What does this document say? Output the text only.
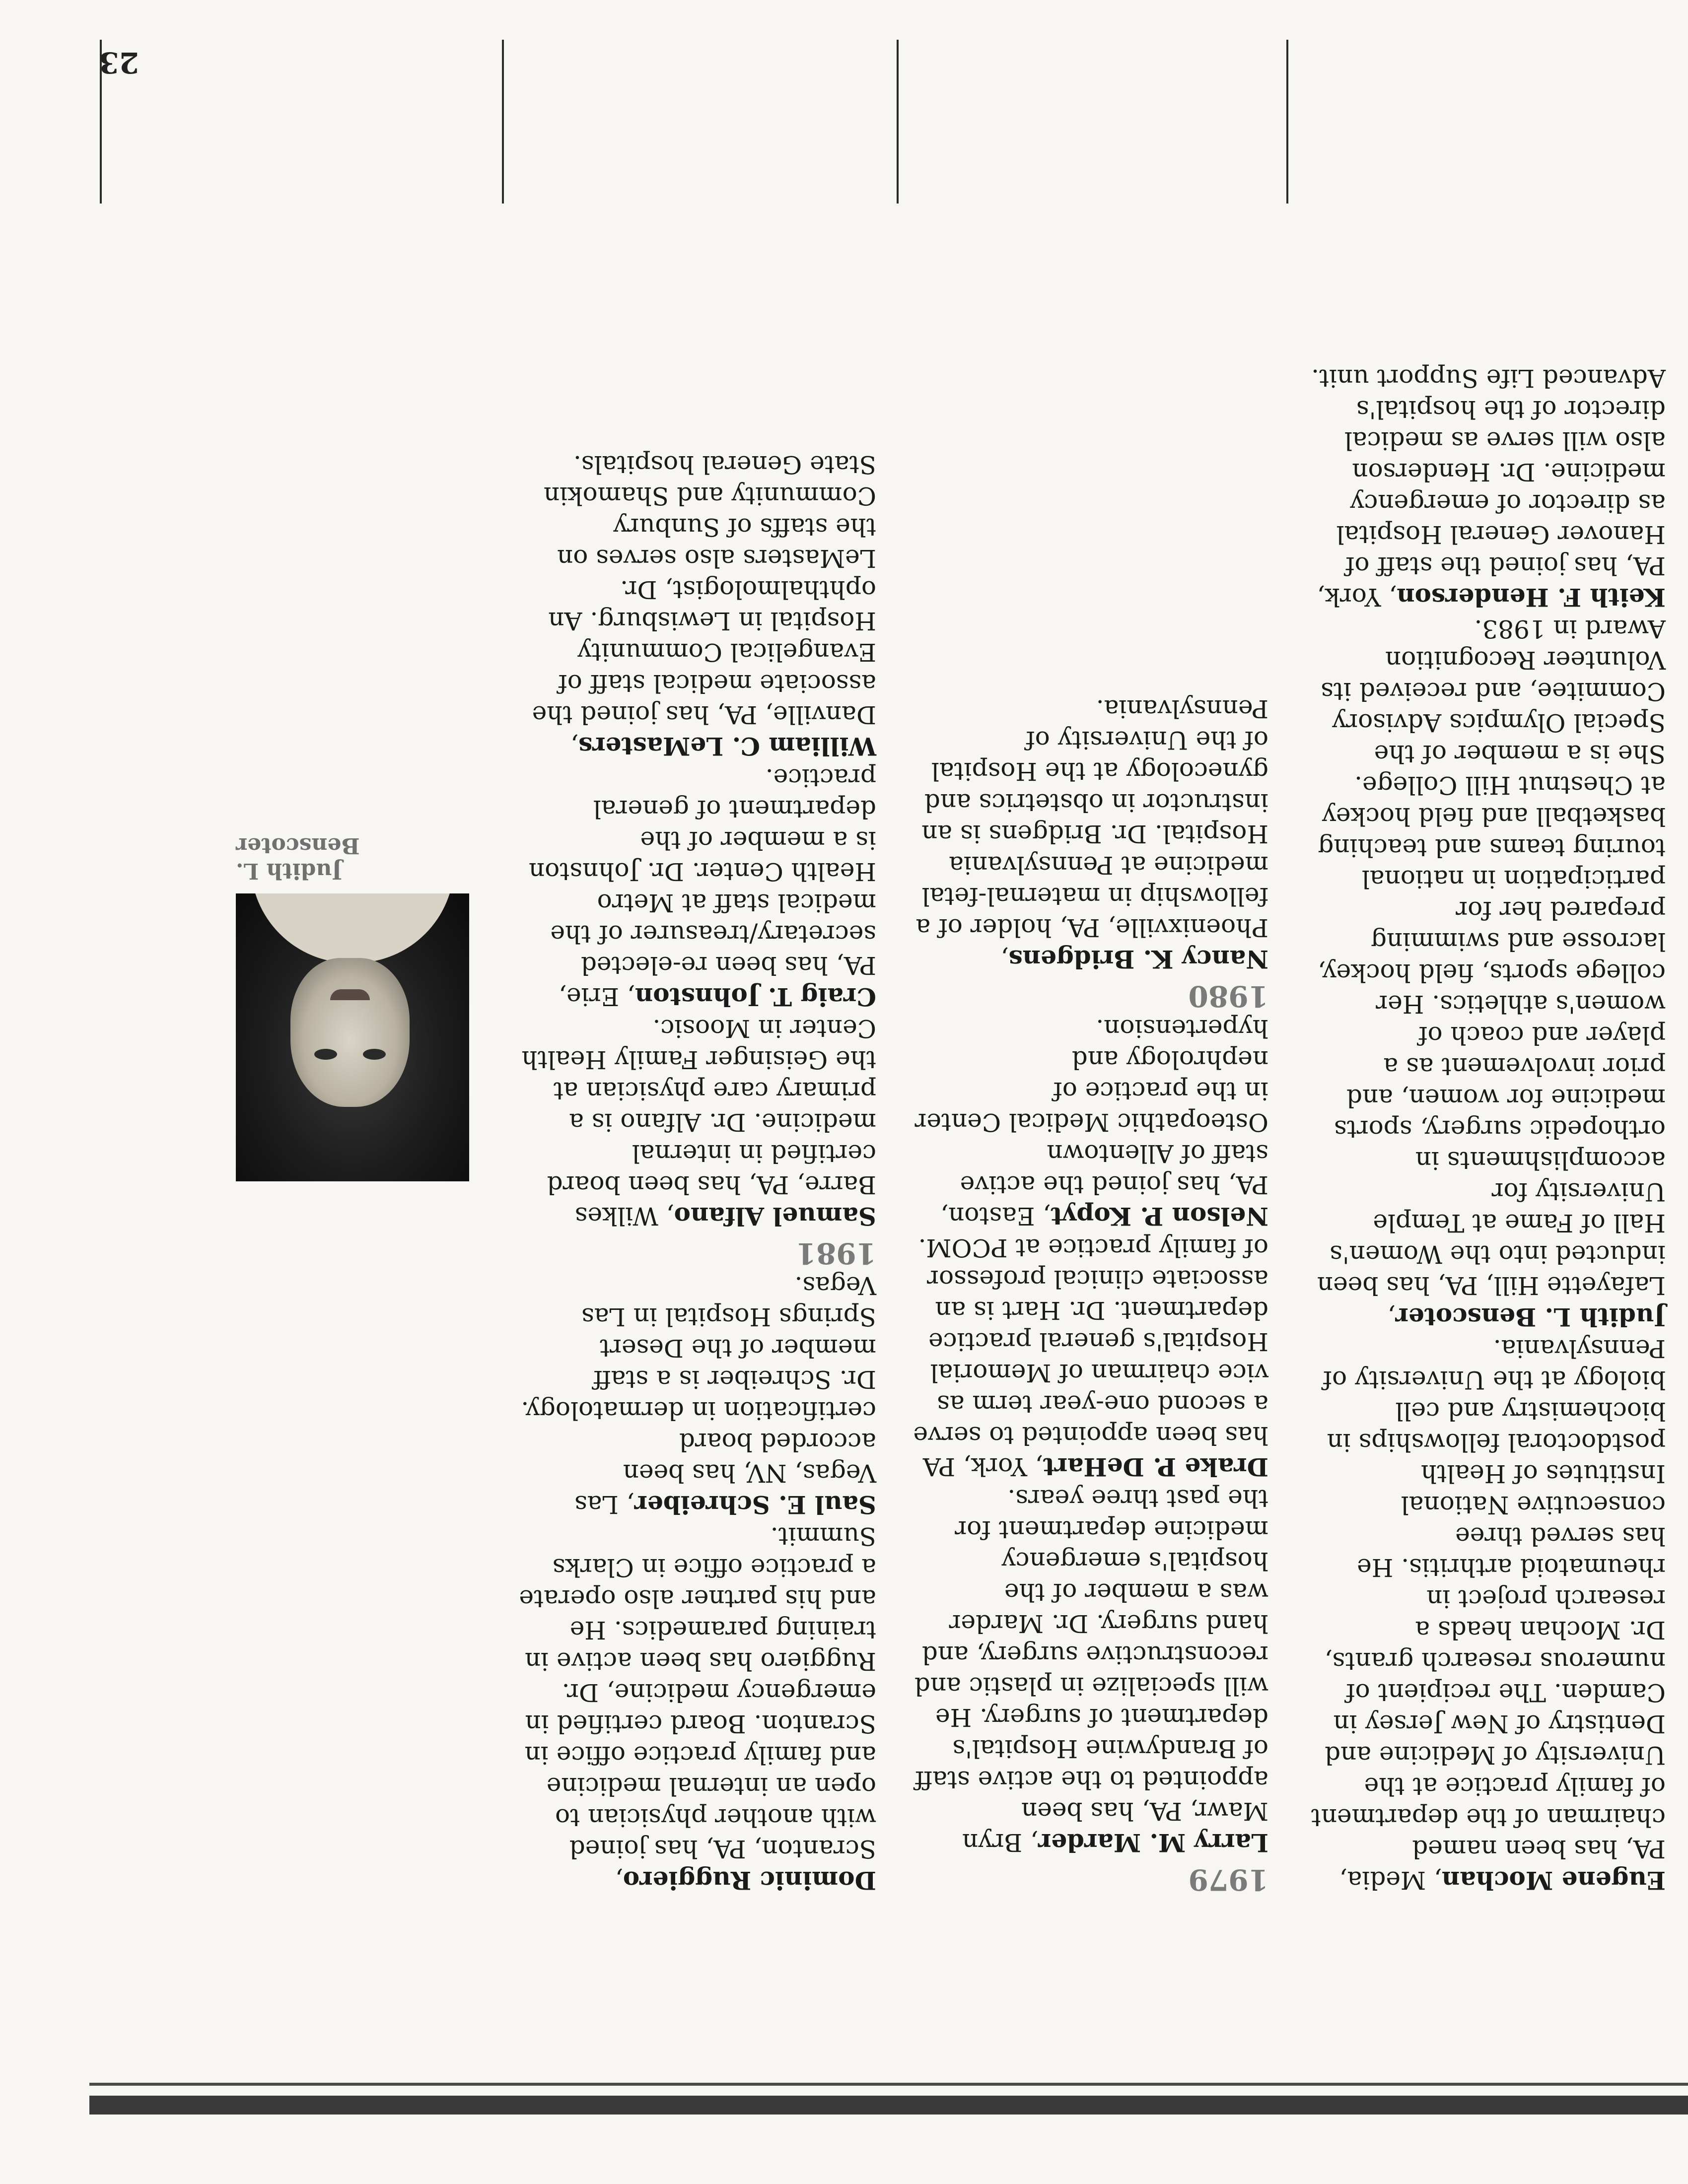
Eugene Mochan, Media, PA, has been named chairman of the department of family practice at the University of Medicine and Dentistry of New Jersey in Camden. The recipient of numerous research grants, Dr. Mochan heads a research project in rheumatoid arthritis. He has served three consecutive National Institutes of Health postdoctoral fellowships in biochemistry and cell biology at the University of Pennsylvania.

Judith L. Benscoter, Lafayette Hill, PA, has been inducted into the Women's Hall of Fame at Temple University for accomplishments in orthopedic surgery, sports medicine for women, and prior involvement as a player and coach of women's athletics. Her college sports, field hockey, lacrosse and swimming prepared her for participation in national touring teams and teaching basketball and field hockey at Chestnut Hill College. She is a member of the Special Olympics Advisory Commitee, and received its Volunteer Recognition Award in 1983.

Keith F. Henderson, York, PA, has joined the staff of Hanover General Hospital as director of emergency medicine. Dr. Henderson also will serve as medical director of the hospital's Advanced Life Support unit.

1979

Larry M. Marder, Bryn Mawr, PA, has been appointed to the active staff of Brandywine Hospital's department of surgery. He will specialize in plastic and reconstructive surgery, and hand surgery. Dr. Marder was a member of the hospital's emergency medicine department for the past three years.

Drake P. DeHart, York, PA has been appointed to serve a second one-year term as vice chairman of Memorial Hospital's general practice department. Dr. Hart is an associate clinical professor of family practice at PCOM.

Nelson P. Kopyt, Easton, PA, has joined the active staff of Allentown Osteopathic Medical Center in the practice of nephrology and hypertension.

1980

Nancy K. Bridgens, Phoenixville, PA, holder of a fellowship in maternal-fetal medicine at Pennsylvania Hospital. Dr. Bridgens is an instructor in obstetrics and gynecology at the Hospital of the University of Pennsylvania.

Dominic Ruggiero, Scranton, PA, has joined with another physician to open an internal medicine and family practice office in Scranton. Board certified in emergency medicine, Dr. Ruggiero has been active in training paramedics. He and his partner also operate a practice office in Clarks Summit.

Saul E. Schreiber, Las Vegas, NV, has been accorded board certification in dermatology. Dr. Schreiber is a staff member of the Desert Springs Hospital in Las Vegas.

1981

Samuel Alfano, Wilkes Barre, PA, has been board certified in internal medicine. Dr. Alfano is a primary care physician at the Geisinger Family Health Center in Moosic.

Craig T. Johnston, Erie, PA, has been re-elected secretary/treasurer of the medical staff at Metro Health Center. Dr. Johnston is a member of the department of general practice.

William C. LeMasters, Danville, PA, has joined the associate medical staff of Evangelical Community Hospital in Lewisburg. An ophthalmologist, Dr. LeMasters also serves on the staffs of Sunbury Community and Shamokin State General hospitals.

Judith L. Benscoter
23
